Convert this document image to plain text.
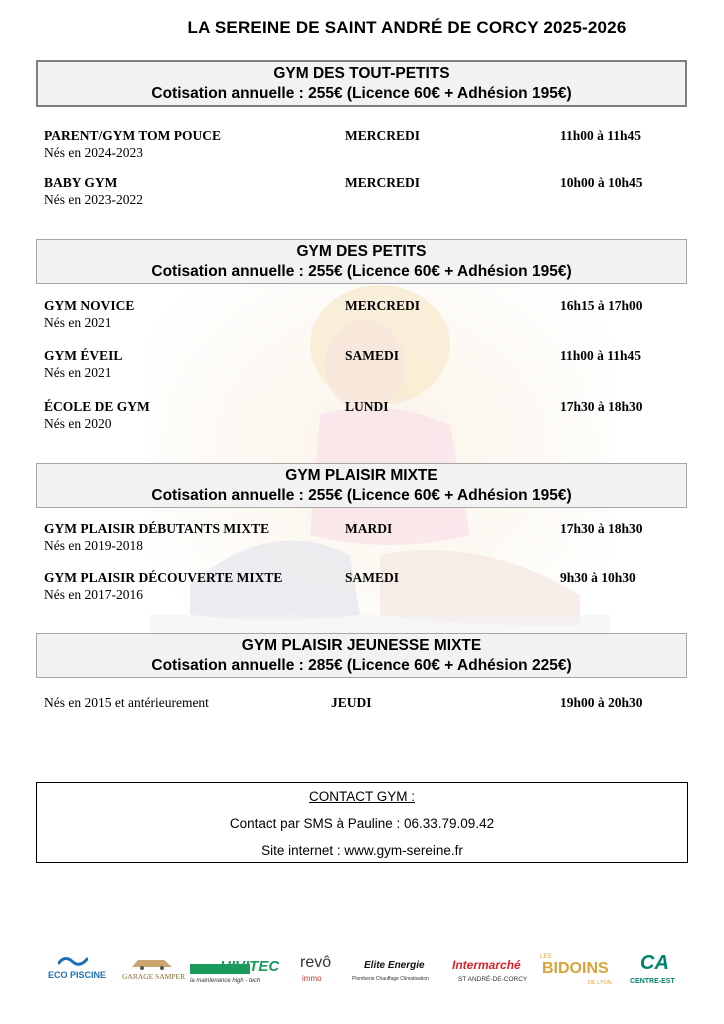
LA SEREINE DE SAINT ANDRÉ DE CORCY 2025-2026
GYM DES TOUT-PETITS
Cotisation annuelle : 255€ (Licence 60€ + Adhésion 195€)
PARENT/GYM TOM POUCE
Nés en 2024-2023
MERCREDI	11h00 à 11h45
BABY GYM
Nés en 2023-2022
MERCREDI	10h00 à 10h45
GYM DES PETITS
Cotisation annuelle : 255€ (Licence 60€ + Adhésion 195€)
GYM NOVICE
Nés en 2021
MERCREDI	16h15 à 17h00
GYM ÉVEIL
Nés en 2021
SAMEDI	11h00 à 11h45
ÉCOLE DE GYM
Nés en 2020
LUNDI	17h30 à 18h30
GYM PLAISIR MIXTE
Cotisation annuelle : 255€ (Licence 60€ + Adhésion 195€)
GYM PLAISIR DÉBUTANTS MIXTE
Nés en 2019-2018
MARDI	17h30 à 18h30
GYM PLAISIR DÉCOUVERTE MIXTE
Nés en 2017-2016
SAMEDI	9h30 à 10h30
GYM PLAISIR JEUNESSE MIXTE
Cotisation annuelle : 285€ (Licence 60€ + Adhésion 225€)
Nés en 2015 et antérieurement	JEUDI	19h00 à 20h30
CONTACT GYM :
Contact par SMS à Pauline : 06.33.79.09.42
Site internet : www.gym-sereine.fr
ECO PISCINE GARAGE SAMPER
HIVITEC
la maintenance high - tech
revô
immo
Elite Energie
Plomberie Chauffage Climatisation
Intermarché
ST ANDRÉ-DE-CORCY
LES
BIDOINS
DE LYON
CA
CENTRE-EST
